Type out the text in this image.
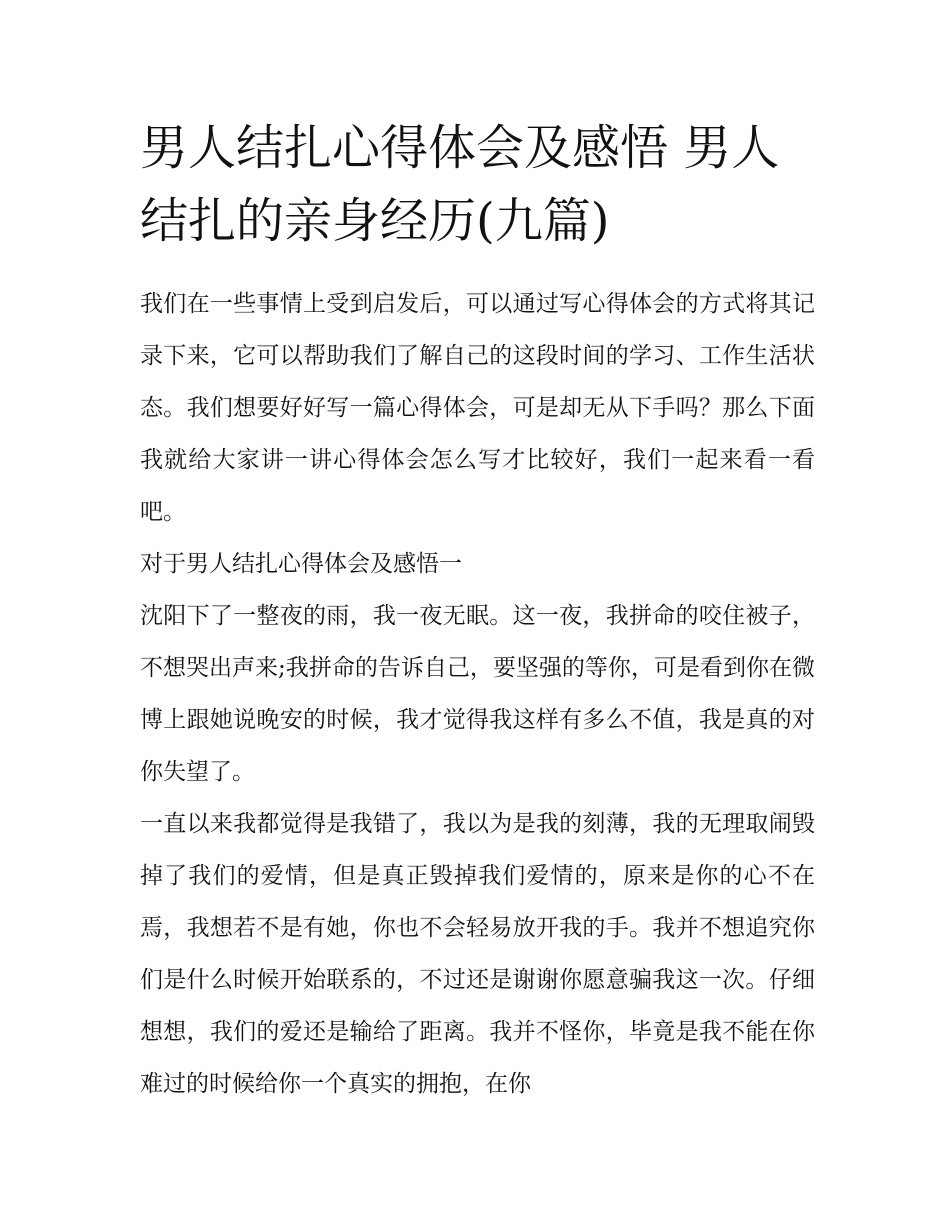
男人结扎心得体会及感悟 男人结扎的亲身经历(九篇)

我们在一些事情上受到启发后，可以通过写心得体会的方式将其记录下来，它可以帮助我们了解自己的这段时间的学习、工作生活状态。我们想要好好写一篇心得体会，可是却无从下手吗？那么下面我就给大家讲一讲心得体会怎么写才比较好，我们一起来看一看吧。

对于男人结扎心得体会及感悟一

沈阳下了一整夜的雨，我一夜无眠。这一夜，我拼命的咬住被子，不想哭出声来;我拼命的告诉自己，要坚强的等你，可是看到你在微博上跟她说晚安的时候，我才觉得我这样有多么不值，我是真的对你失望了。

一直以来我都觉得是我错了，我以为是我的刻薄，我的无理取闹毁掉了我们的爱情，但是真正毁掉我们爱情的，原来是你的心不在焉，我想若不是有她，你也不会轻易放开我的手。我并不想追究你们是什么时候开始联系的，不过还是谢谢你愿意骗我这一次。仔细想想，我们的爱还是输给了距离。我并不怪你，毕竟是我不能在你难过的时候给你一个真实的拥抱，在你
